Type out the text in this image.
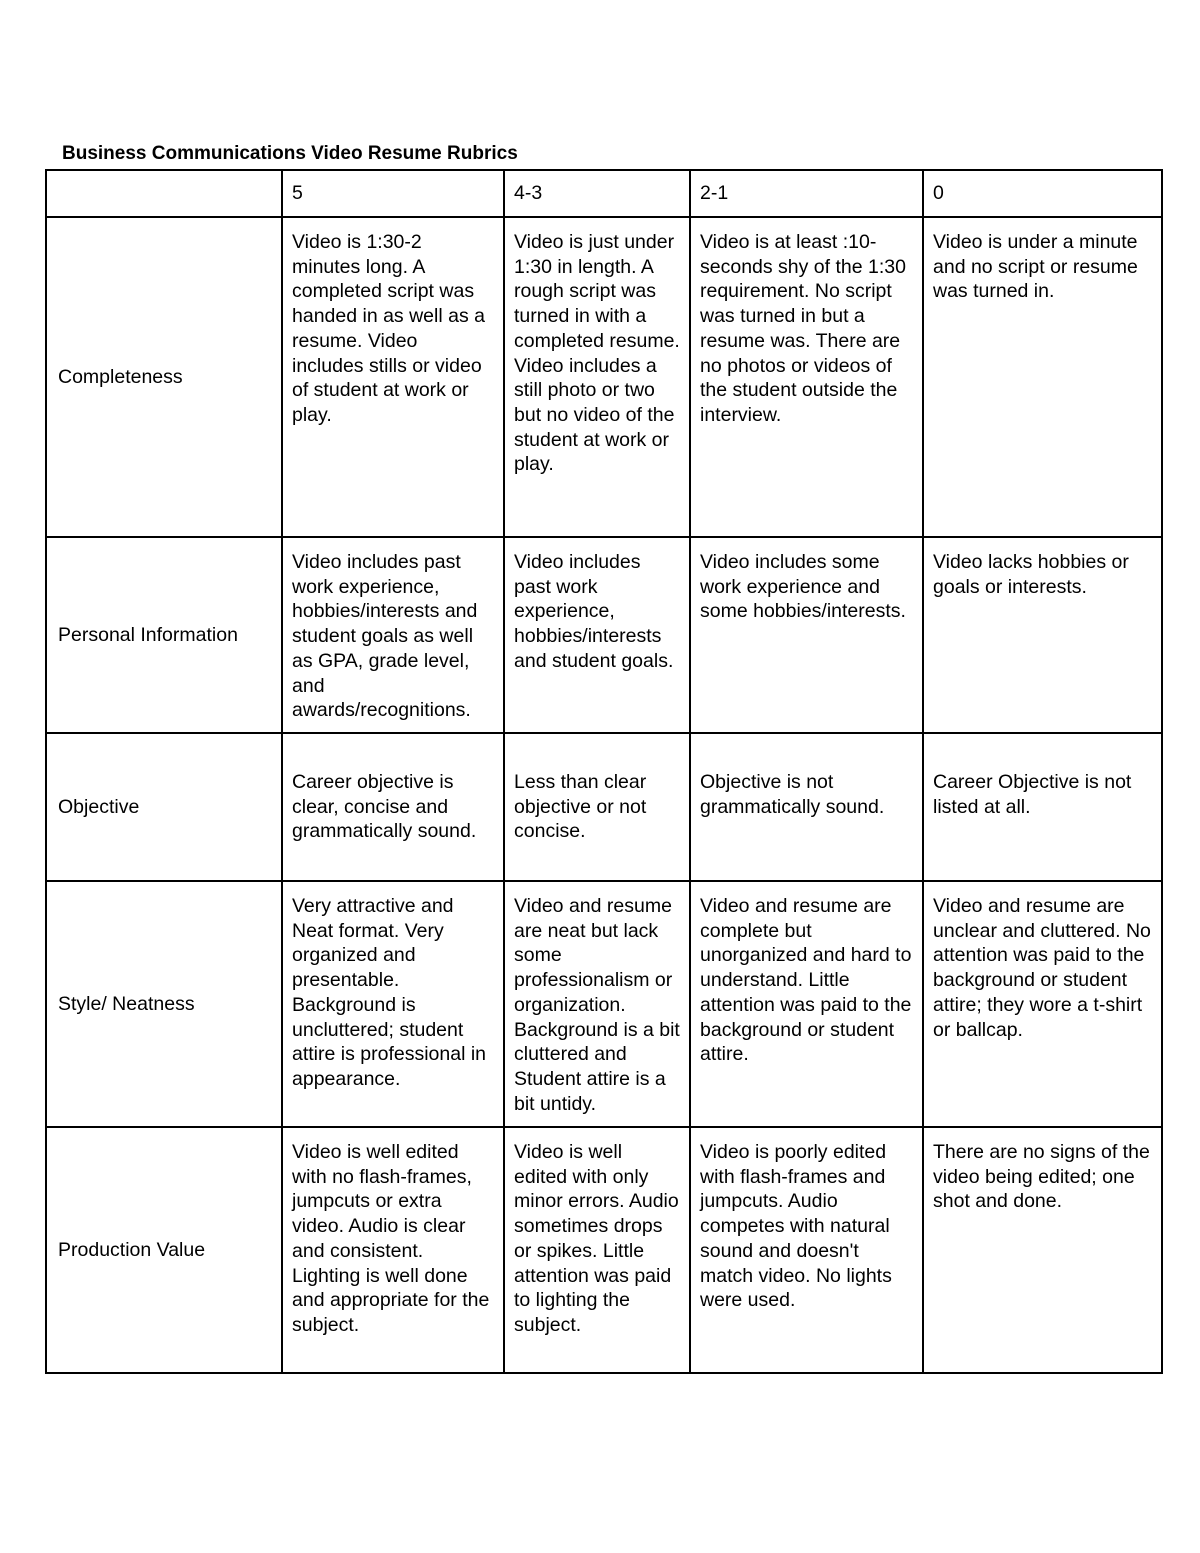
Business Communications Video Resume Rubrics
	5	4-3	2-1	0
Completeness	Video is 1:30-2 minutes long. A completed script was handed in as well as a resume. Video includes stills or video of student at work or play.	Video is just under 1:30 in length. A rough script was turned in with a completed resume. Video includes a still photo or two but no video of the student at work or play.	Video is at least :10-seconds shy of the 1:30 requirement. No script was turned in but a resume was. There are no photos or videos of the student outside the interview.	Video is under a minute and no script or resume was turned in.
Personal Information	Video includes past work experience, hobbies/interests and student goals as well as GPA, grade level, and awards/recognitions.	Video includes past work experience, hobbies/interests and student goals.	Video includes some work experience and some hobbies/interests.	Video lacks hobbies or goals or interests.
Objective	Career objective is clear, concise and grammatically sound.	Less than clear objective or not concise.	Objective is not grammatically sound.	Career Objective is not listed at all.
Style/ Neatness	Very attractive and Neat format. Very organized and presentable. Background is uncluttered; student attire is professional in appearance.	Video and resume are neat but lack some professionalism or organization. Background is a bit cluttered and Student attire is a bit untidy.	Video and resume are complete but unorganized and hard to understand. Little attention was paid to the background or student attire.	Video and resume are unclear and cluttered. No attention was paid to the background or student attire; they wore a t-shirt or ballcap.
Production Value	Video is well edited with no flash-frames, jumpcuts or extra video. Audio is clear and consistent. Lighting is well done and appropriate for the subject.	Video is well edited with only minor errors. Audio sometimes drops or spikes. Little attention was paid to lighting the subject.	Video is poorly edited with flash-frames and jumpcuts. Audio competes with natural sound and doesn't match video. No lights were used.	There are no signs of the video being edited; one shot and done.
